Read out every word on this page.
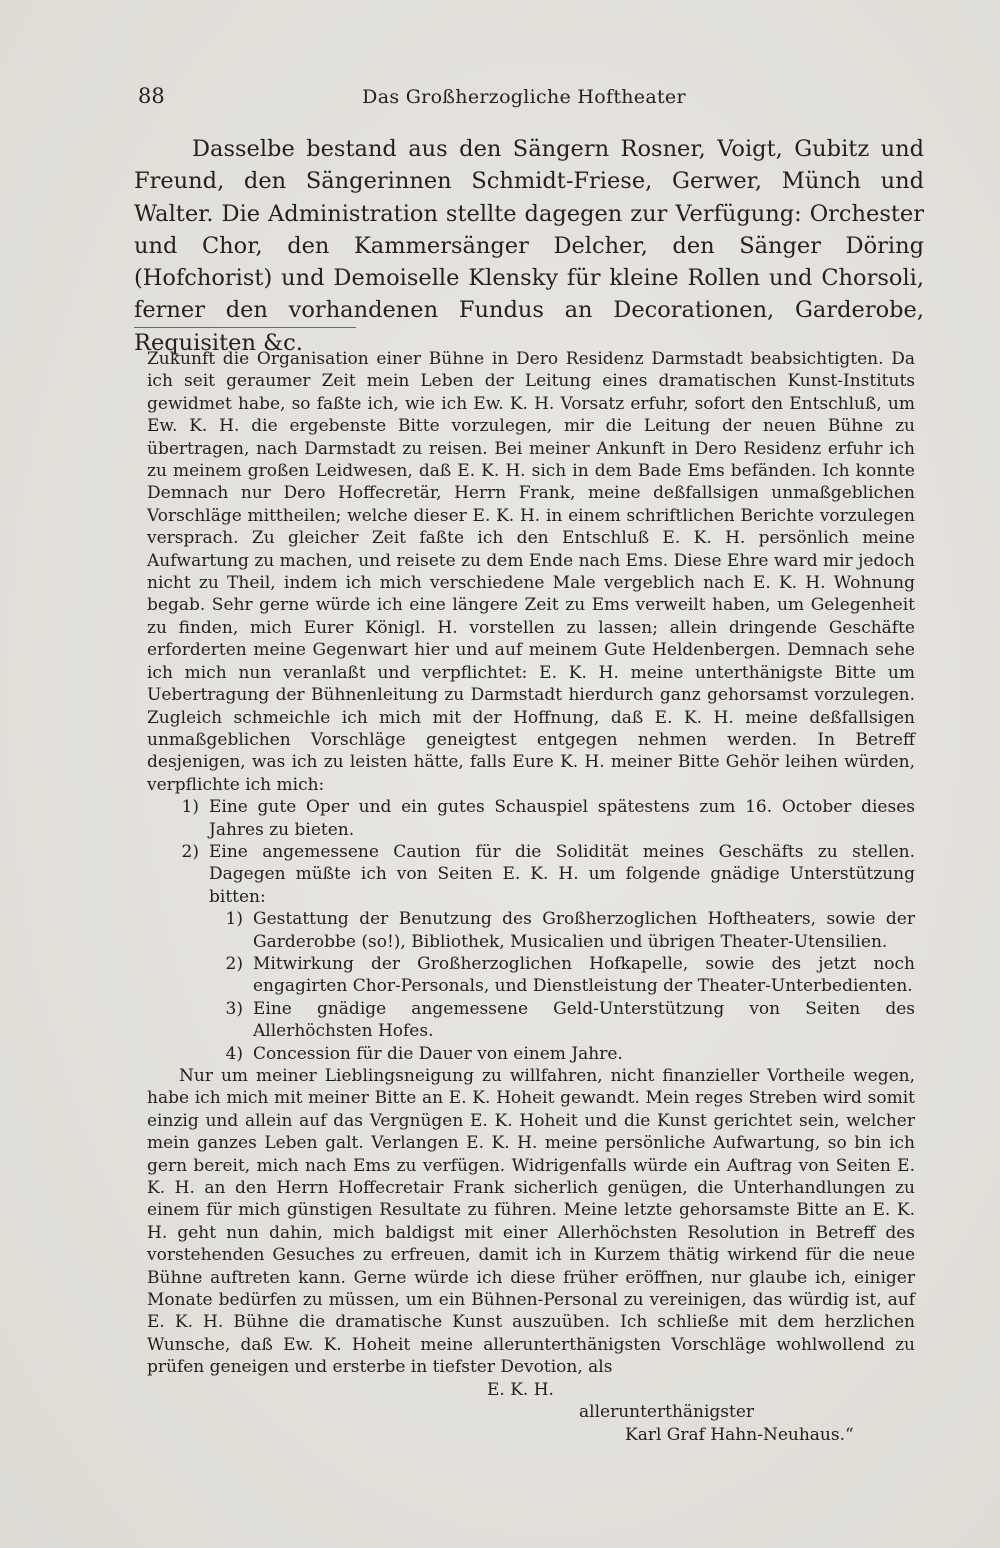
88	Das Großherzogliche Hoftheater

Dasselbe bestand aus den Sängern Rosner, Voigt, Gubitz und Freund, den Sängerinnen Schmidt-Friese, Gerwer, Münch und Walter. Die Administration stellte dagegen zur Verfügung: Orchester und Chor, den Kammersänger Delcher, den Sänger Döring (Hofchorist) und Demoiselle Klensky für kleine Rollen und Chorsoli, ferner den vorhandenen Fundus an Decorationen, Garderobe, Requisiten &c.

Zukunft die Organisation einer Bühne in Dero Residenz Darmstadt beabsichtigten. Da ich seit geraumer Zeit mein Leben der Leitung eines dramatischen Kunst-Instituts gewidmet habe, so faßte ich, wie ich Ew. K. H. Vorsatz erfuhr, sofort den Entschluß, um Ew. K. H. die ergebenste Bitte vorzulegen, mir die Leitung der neuen Bühne zu übertragen, nach Darmstadt zu reisen. Bei meiner Ankunft in Dero Residenz erfuhr ich zu meinem großen Leidwesen, daß E. K. H. sich in dem Bade Ems befänden. Ich konnte Demnach nur Dero Hoffecretär, Herrn Frank, meine deßfallsigen unmaßgeblichen Vorschläge mittheilen; welche dieser E. K. H. in einem schriftlichen Berichte vorzulegen versprach. Zu gleicher Zeit faßte ich den Entschluß E. K. H. persönlich meine Aufwartung zu machen, und reisete zu dem Ende nach Ems. Diese Ehre ward mir jedoch nicht zu Theil, indem ich mich verschiedene Male vergeblich nach E. K. H. Wohnung begab. Sehr gerne würde ich eine längere Zeit zu Ems verweilt haben, um Gelegenheit zu finden, mich Eurer Königl. H. vorstellen zu lassen; allein dringende Geschäfte erforderten meine Gegenwart hier und auf meinem Gute Heldenbergen. Demnach sehe ich mich nun veranlaßt und verpflichtet: E. K. H. meine unterthänigste Bitte um Uebertragung der Bühnenleitung zu Darmstadt hierdurch ganz gehorsamst vorzulegen. Zugleich schmeichle ich mich mit der Hoffnung, daß E. K. H. meine deßfallsigen unmaßgeblichen Vorschläge geneigtest entgegen nehmen werden. In Betreff desjenigen, was ich zu leisten hätte, falls Eure K. H. meiner Bitte Gehör leihen würden, verpflichte ich mich:

1) Eine gute Oper und ein gutes Schauspiel spätestens zum 16. October dieses Jahres zu bieten.
2) Eine angemessene Caution für die Solidität meines Geschäfts zu stellen. Dagegen müßte ich von Seiten E. K. H. um folgende gnädige Unterstützung bitten:
1) Gestattung der Benutzung des Großherzoglichen Hoftheaters, sowie der Garderobbe (so!), Bibliothek, Musicalien und übrigen Theater-Utensilien.
2) Mitwirkung der Großherzoglichen Hofkapelle, sowie des jetzt noch engagirten Chor-Personals, und Dienstleistung der Theater-Unterbedienten.
3) Eine gnädige angemessene Geld-Unterstützung von Seiten des Allerhöchsten Hofes.
4) Concession für die Dauer von einem Jahre.

Nur um meiner Lieblingsneigung zu willfahren, nicht finanzieller Vortheile wegen, habe ich mich mit meiner Bitte an E. K. Hoheit gewandt. Mein reges Streben wird somit einzig und allein auf das Vergnügen E. K. Hoheit und die Kunst gerichtet sein, welcher mein ganzes Leben galt. Verlangen E. K. H. meine persönliche Aufwartung, so bin ich gern bereit, mich nach Ems zu verfügen. Widrigenfalls würde ein Auftrag von Seiten E. K. H. an den Herrn Hoffecretair Frank sicherlich genügen, die Unterhandlungen zu einem für mich günstigen Resultate zu führen. Meine letzte gehorsamste Bitte an E. K. H. geht nun dahin, mich baldigst mit einer Allerhöchsten Resolution in Betreff des vorstehenden Gesuches zu erfreuen, damit ich in Kurzem thätig wirkend für die neue Bühne auftreten kann. Gerne würde ich diese früher eröffnen, nur glaube ich, einiger Monate bedürfen zu müssen, um ein Bühnen-Personal zu vereinigen, das würdig ist, auf E. K. H. Bühne die dramatische Kunst auszuüben. Ich schließe mit dem herzlichen Wunsche, daß Ew. K. Hoheit meine allerunterthänigsten Vorschläge wohlwollend zu prüfen geneigen und ersterbe in tiefster Devotion, als

E. K. H.

allerunterthänigster

Karl Graf Hahn-Neuhaus.“
